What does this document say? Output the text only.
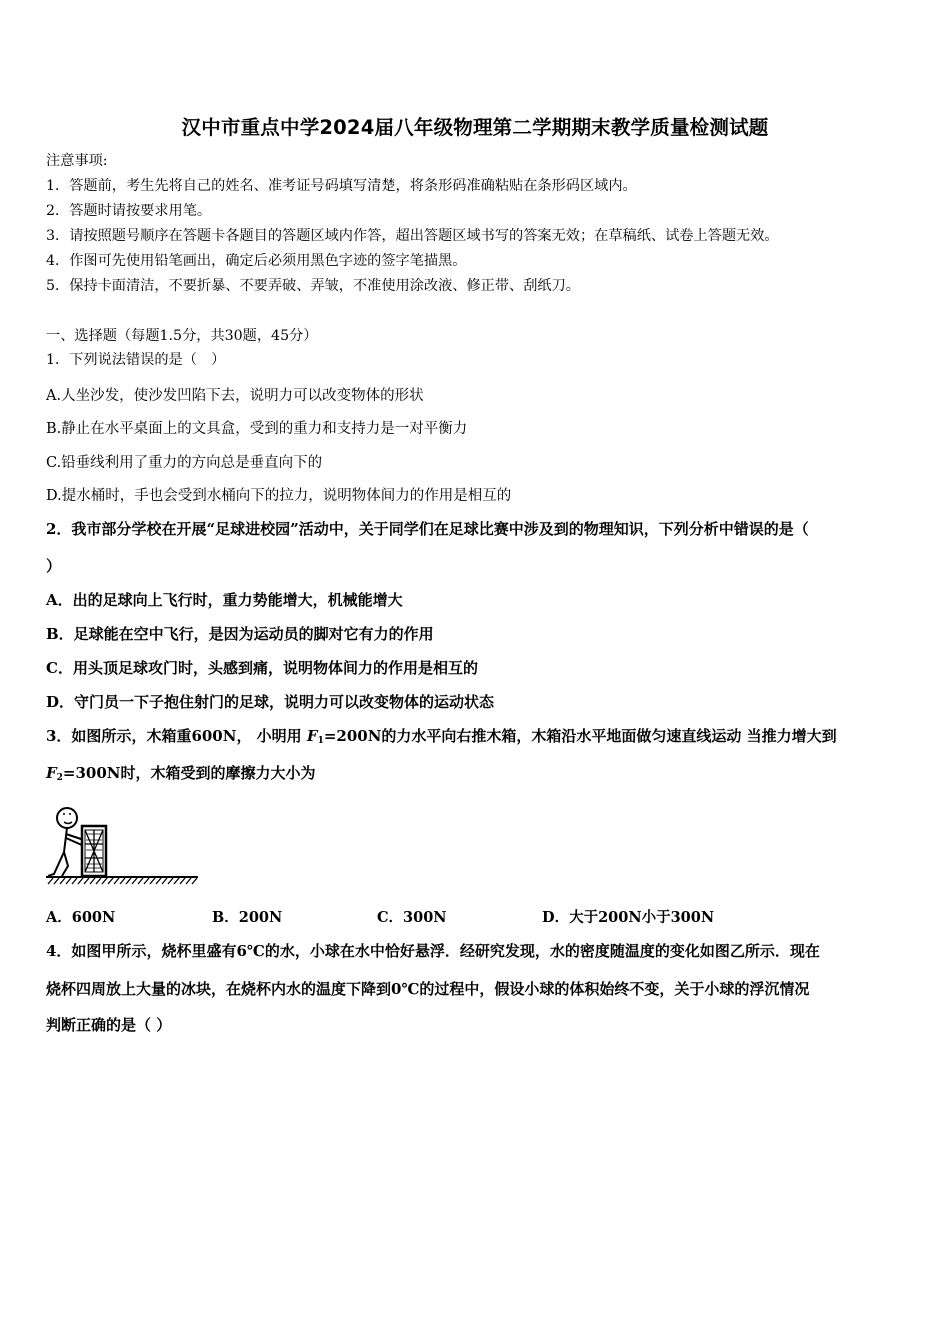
汉中市重点中学2024届八年级物理第二学期期末教学质量检测试题
注意事项:
1．答题前，考生先将自己的姓名、准考证号码填写清楚，将条形码准确粘贴在条形码区域内。
2．答题时请按要求用笔。
3．请按照题号顺序在答题卡各题目的答题区域内作答，超出答题区域书写的答案无效；在草稿纸、试卷上答题无效。
4．作图可先使用铅笔画出，确定后必须用黑色字迹的签字笔描黑。
5．保持卡面清洁，不要折暴、不要弄破、弄皱，不准使用涂改液、修正带、刮纸刀。
一、选择题（每题1.5分，共30题，45分）
1．下列说法错误的是（　）
A.人坐沙发，使沙发凹陷下去，说明力可以改变物体的形状
B.静止在水平桌面上的文具盒，受到的重力和支持力是一对平衡力
C.铅垂线利用了重力的方向总是垂直向下的
D.提水桶时，手也会受到水桶向下的拉力，说明物体间力的作用是相互的
2．我市部分学校在开展“足球进校园”活动中，关于同学们在足球比赛中涉及到的物理知识，下列分析中错误的是（
）
A．出的足球向上飞行时，重力势能增大，机械能增大
B．足球能在空中飞行，是因为运动员的脚对它有力的作用
C．用头顶足球攻门时，头感到痛，说明物体间力的作用是相互的
D．守门员一下子抱住射门的足球，说明力可以改变物体的运动状态
3．如图所示，木箱重600N， 小明用 $F_1=200N$的力水平向右推木箱，木箱沿水平地面做匀速直线运动 当推力增大到
$F_2=300N$时，木箱受到的摩擦力大小为
A．600N	B．200N	C．300N	D．大于200N小于300N
4．如图甲所示，烧杯里盛有6℃的水，小球在水中恰好悬浮．经研究发现，水的密度随温度的变化如图乙所示．现在
烧杯四周放上大量的冰块，在烧杯内水的温度下降到0℃的过程中，假设小球的体积始终不变，关于小球的浮沉情况
判断正确的是（ ）
